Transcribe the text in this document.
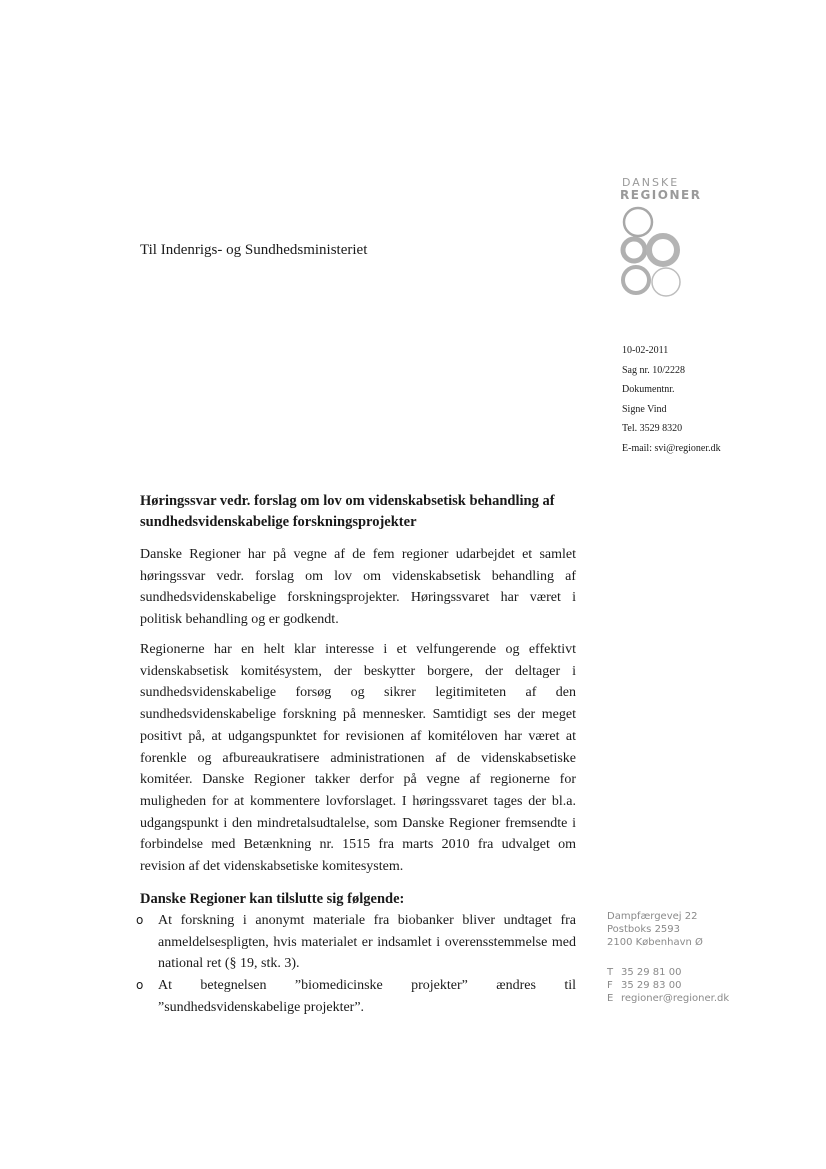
DANSKE
REGIONER
Til Indenrigs- og Sundhedsministeriet
10-02-2011
Sag nr. 10/2228
Dokumentnr.
Signe Vind
Tel. 3529 8320
E-mail: svi@regioner.dk
Høringssvar vedr. forslag om lov om videnskabsetisk behandling af sundhedsvidenskabelige forskningsprojekter
Danske Regioner har på vegne af de fem regioner udarbejdet et samlet høringssvar vedr. forslag om lov om videnskabsetisk behandling af sundhedsvidenskabelige forskningsprojekter. Høringssvaret har været i politisk behandling og er godkendt.
Regionerne har en helt klar interesse i et velfungerende og effektivt videnskabsetisk komitésystem, der beskytter borgere, der deltager i sundhedsvidenskabelige forsøg og sikrer legitimiteten af den sundhedsvidenskabelige forskning på mennesker. Samtidigt ses der meget positivt på, at udgangspunktet for revisionen af komitéloven har været at forenkle og afbureaukratisere administrationen af de videnskabsetiske komitéer. Danske Regioner takker derfor på vegne af regionerne for muligheden for at kommentere lovforslaget. I høringssvaret tages der bl.a. udgangspunkt i den mindretalsudtalelse, som Danske Regioner fremsendte i forbindelse med Betænkning nr. 1515 fra marts 2010 fra udvalget om revision af det videnskabsetiske komitesystem.
Danske Regioner kan tilslutte sig følgende:
o	At forskning i anonymt materiale fra biobanker bliver undtaget fra anmeldelsespligten, hvis materialet er indsamlet i overensstemmelse med national ret (§ 19, stk. 3).
o	At betegnelsen ”biomedicinske projekter” ændres til ”sundhedsvidenskabelige projekter”.
Dampfærgevej 22
Postboks 2593
2100 København Ø
T 35 29 81 00
F 35 29 83 00
E regioner@regioner.dk
